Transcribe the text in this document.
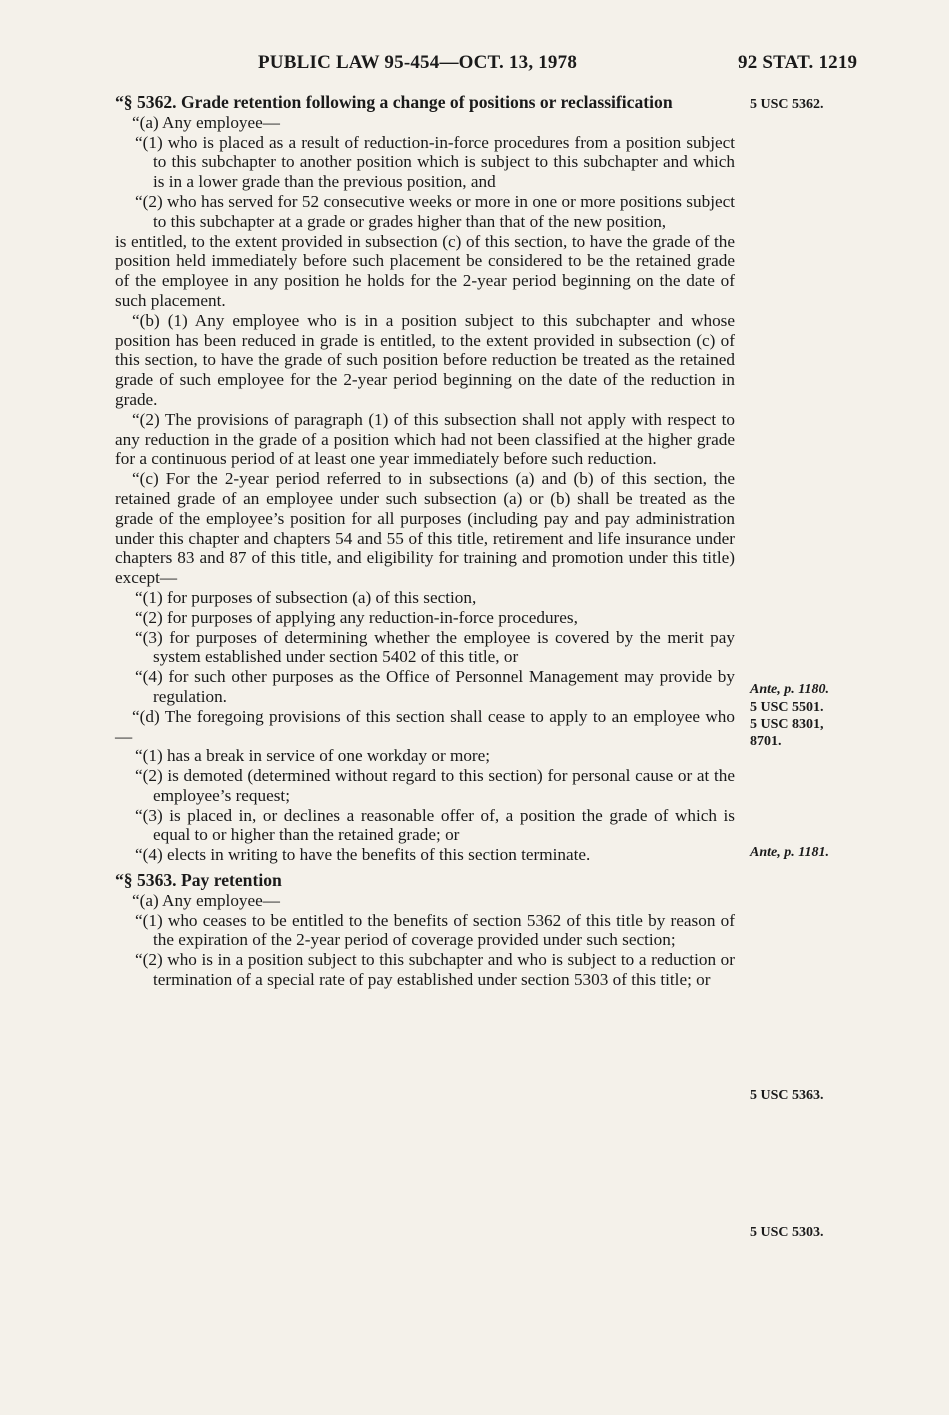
PUBLIC LAW 95-454—OCT. 13, 1978	92 STAT. 1219

“§ 5362. Grade retention following a change of positions or reclassification

“(a) Any employee—

“(1) who is placed as a result of reduction-in-force procedures from a position subject to this subchapter to another position which is subject to this subchapter and which is in a lower grade than the previous position, and

“(2) who has served for 52 consecutive weeks or more in one or more positions subject to this subchapter at a grade or grades higher than that of the new position,

is entitled, to the extent provided in subsection (c) of this section, to have the grade of the position held immediately before such placement be considered to be the retained grade of the employee in any position he holds for the 2-year period beginning on the date of such placement.

“(b) (1) Any employee who is in a position subject to this subchapter and whose position has been reduced in grade is entitled, to the extent provided in subsection (c) of this section, to have the grade of such position before reduction be treated as the retained grade of such employee for the 2-year period beginning on the date of the reduction in grade.

“(2) The provisions of paragraph (1) of this subsection shall not apply with respect to any reduction in the grade of a position which had not been classified at the higher grade for a continuous period of at least one year immediately before such reduction.

“(c) For the 2-year period referred to in subsections (a) and (b) of this section, the retained grade of an employee under such subsection (a) or (b) shall be treated as the grade of the employee’s position for all purposes (including pay and pay administration under this chapter and chapters 54 and 55 of this title, retirement and life insurance under chapters 83 and 87 of this title, and eligibility for training and promotion under this title) except—

“(1) for purposes of subsection (a) of this section,

“(2) for purposes of applying any reduction-in-force procedures,

“(3) for purposes of determining whether the employee is covered by the merit pay system established under section 5402 of this title, or

“(4) for such other purposes as the Office of Personnel Management may provide by regulation.

“(d) The foregoing provisions of this section shall cease to apply to an employee who—

“(1) has a break in service of one workday or more;

“(2) is demoted (determined without regard to this section) for personal cause or at the employee’s request;

“(3) is placed in, or declines a reasonable offer of, a position the grade of which is equal to or higher than the retained grade; or

“(4) elects in writing to have the benefits of this section terminate.

“§ 5363. Pay retention

“(a) Any employee—

“(1) who ceases to be entitled to the benefits of section 5362 of this title by reason of the expiration of the 2-year period of coverage provided under such section;

“(2) who is in a position subject to this subchapter and who is subject to a reduction or termination of a special rate of pay established under section 5303 of this title; or

5 USC 5362.
Ante, p. 1180.
5 USC 5501.
5 USC 8301,
8701.
Ante, p. 1181.
5 USC 5363.
5 USC 5303.
